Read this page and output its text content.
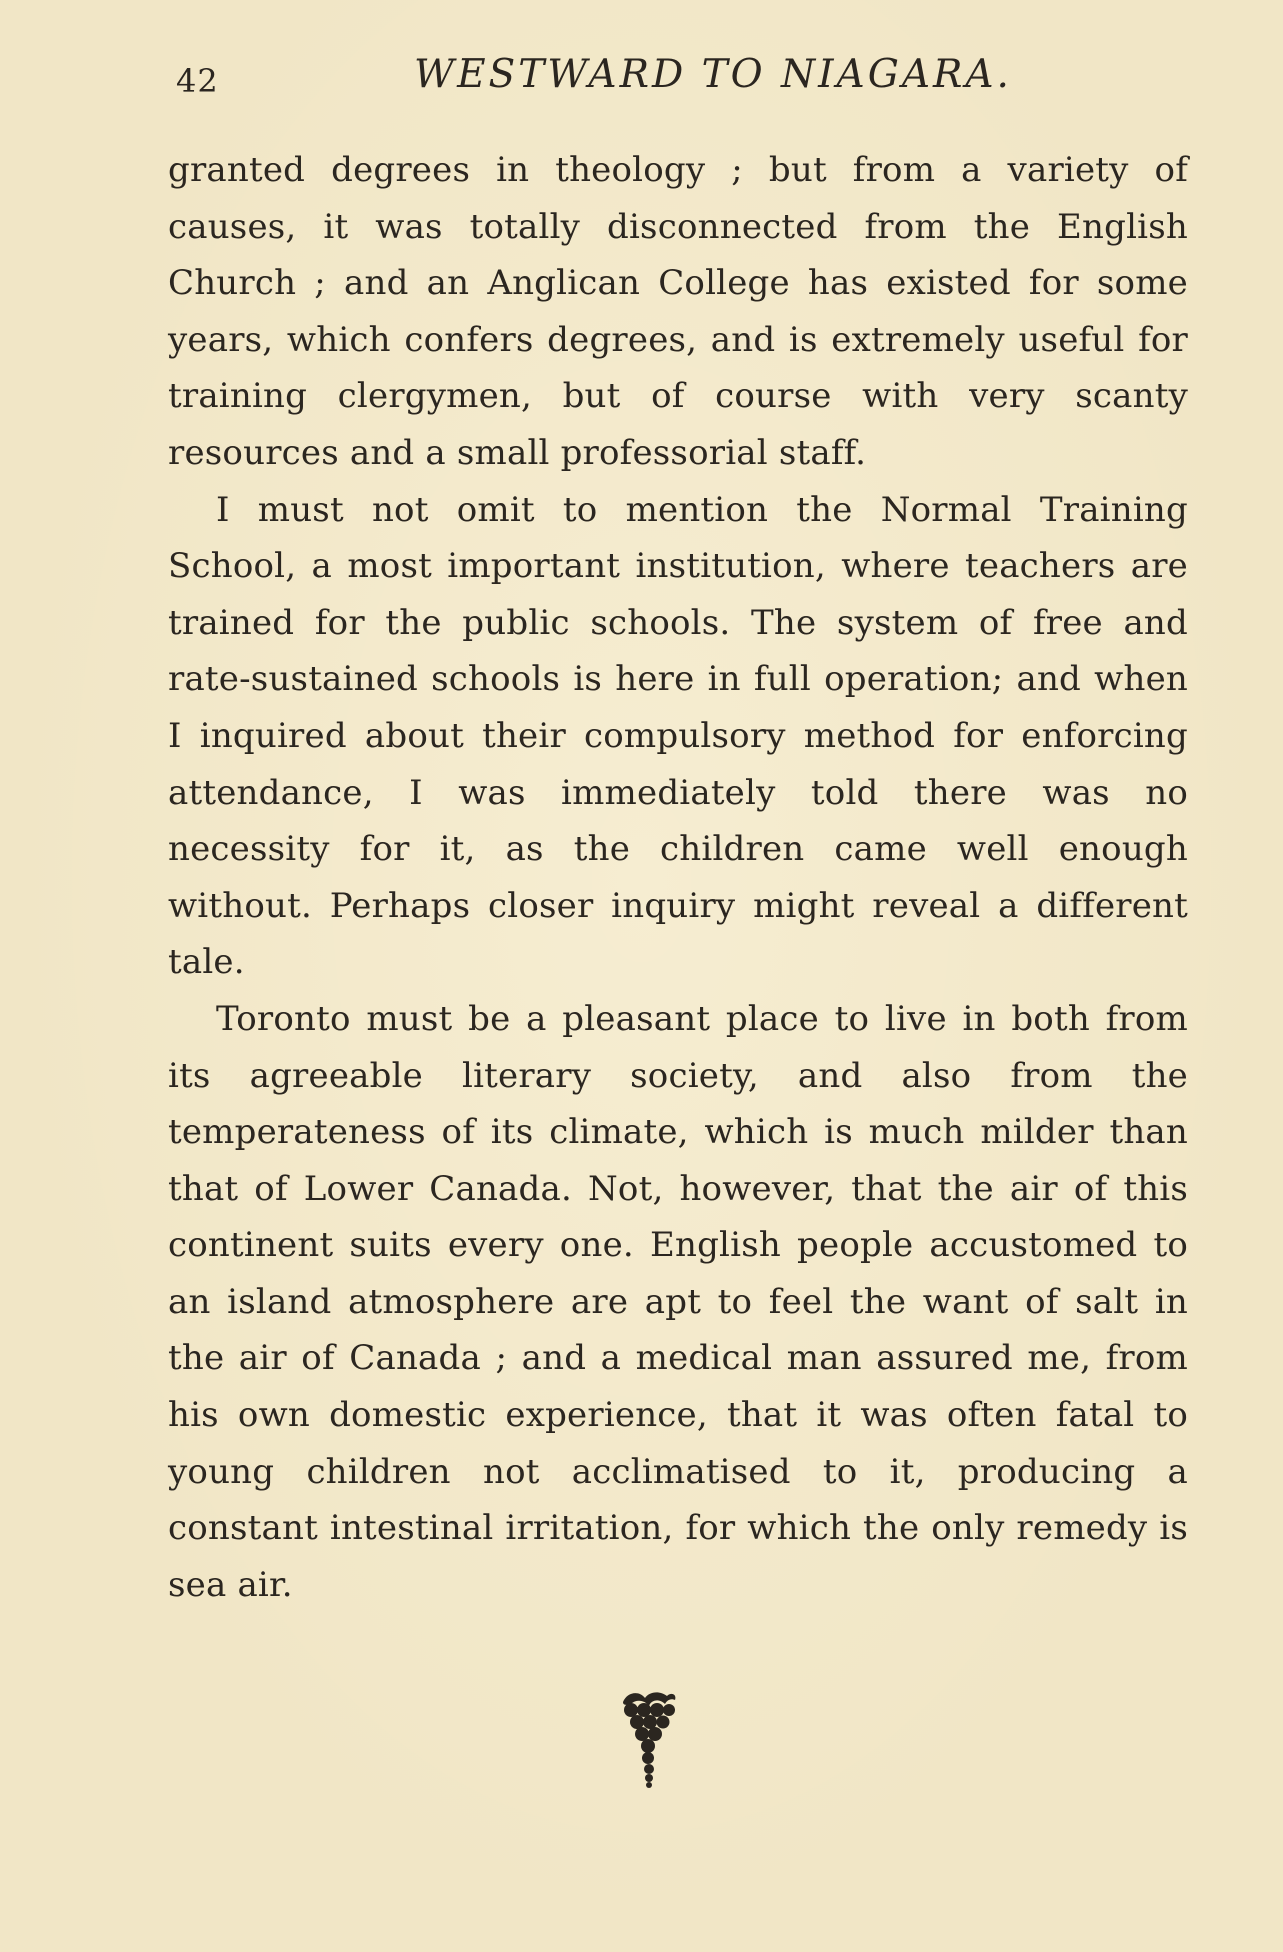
42	WESTWARD TO NIAGARA.

granted degrees in theology ; but from a variety of causes, it was totally disconnected from the English Church ; and an Anglican College has existed for some years, which confers degrees, and is extremely useful for training clergymen, but of course with very scanty resources and a small professorial staff.

I must not omit to mention the Normal Training School, a most important institution, where teachers are trained for the public schools. The system of free and rate-sustained schools is here in full operation; and when I inquired about their compulsory method for enforcing attendance, I was immediately told there was no necessity for it, as the children came well enough without. Perhaps closer inquiry might reveal a different tale.

Toronto must be a pleasant place to live in both from its agreeable literary society, and also from the temperateness of its climate, which is much milder than that of Lower Canada. Not, however, that the air of this continent suits every one. English people accustomed to an island atmosphere are apt to feel the want of salt in the air of Canada ; and a medical man assured me, from his own domestic experience, that it was often fatal to young children not acclimatised to it, producing a constant intestinal irritation, for which the only remedy is sea air.
